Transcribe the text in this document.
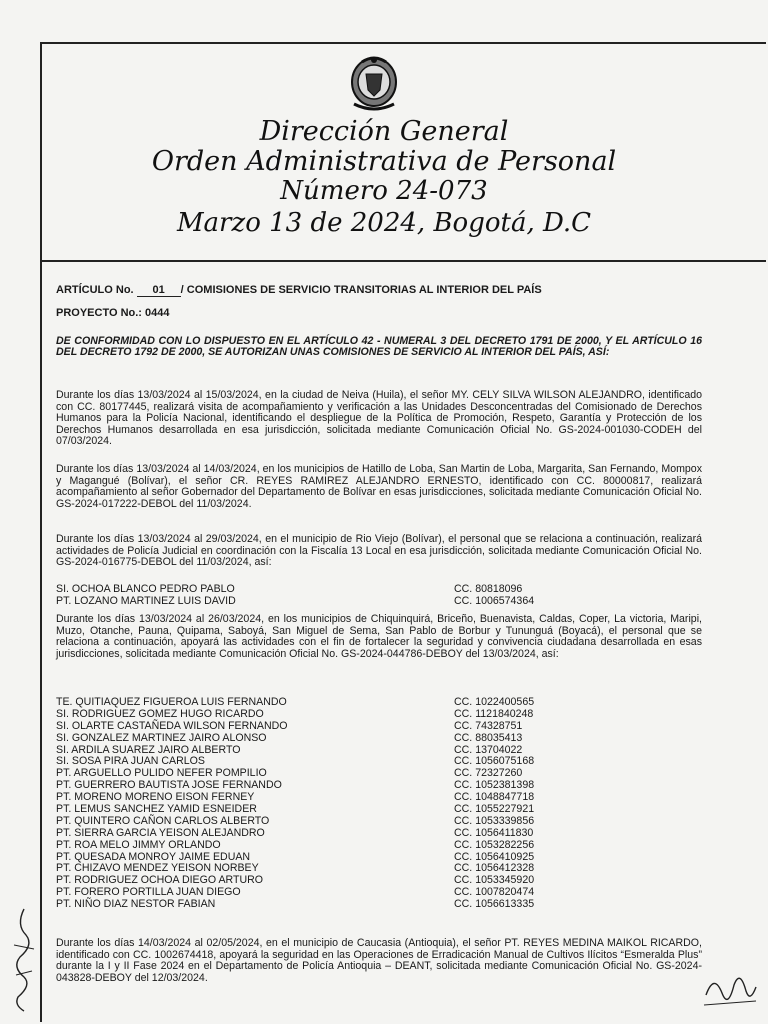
Dirección General
Orden Administrativa de Personal
Número 24-073
Marzo 13 de 2024, Bogotá, D.C
ARTÍCULO No. 01 / COMISIONES DE SERVICIO TRANSITORIAS AL INTERIOR DEL PAÍS
PROYECTO No.: 0444
DE CONFORMIDAD CON LO DISPUESTO EN EL ARTÍCULO 42 - NUMERAL 3 DEL DECRETO 1791 DE 2000, Y EL ARTÍCULO 16 DEL DECRETO 1792 DE 2000, SE AUTORIZAN UNAS COMISIONES DE SERVICIO AL INTERIOR DEL PAÍS, ASÍ:
Durante los días 13/03/2024 al 15/03/2024, en la ciudad de Neiva (Huila), el señor MY. CELY SILVA WILSON ALEJANDRO, identificado con CC. 80177445, realizará visita de acompañamiento y verificación a las Unidades Desconcentradas del Comisionado de Derechos Humanos para la Policía Nacional, identificando el despliegue de la Política de Promoción, Respeto, Garantía y Protección de los Derechos Humanos desarrollada en esa jurisdicción, solicitada mediante Comunicación Oficial No. GS-2024-001030-CODEH del 07/03/2024.
Durante los días 13/03/2024 al 14/03/2024, en los municipios de Hatillo de Loba, San Martin de Loba, Margarita, San Fernando, Mompox y Magangué (Bolívar), el señor CR. REYES RAMIREZ ALEJANDRO ERNESTO, identificado con CC. 80000817, realizará acompañamiento al señor Gobernador del Departamento de Bolívar en esas jurisdicciones, solicitada mediante Comunicación Oficial No. GS-2024-017222-DEBOL del 11/03/2024.
Durante los días 13/03/2024 al 29/03/2024, en el municipio de Rio Viejo (Bolívar), el personal que se relaciona a continuación, realizará actividades de Policía Judicial en coordinación con la Fiscalía 13 Local en esa jurisdicción, solicitada mediante Comunicación Oficial No. GS-2024-016775-DEBOL del 11/03/2024, así:
SI. OCHOA BLANCO PEDRO PABLO	CC. 80818096
PT. LOZANO MARTINEZ LUIS DAVID	CC. 1006574364
Durante los días 13/03/2024 al 26/03/2024, en los municipios de Chiquinquirá, Briceño, Buenavista, Caldas, Coper, La victoria, Maripi, Muzo, Otanche, Pauna, Quipama, Saboyá, San Miguel de Sema, San Pablo de Borbur y Tununguá (Boyacá), el personal que se relaciona a continuación, apoyará las actividades con el fin de fortalecer la seguridad y convivencia ciudadana desarrollada en esas jurisdicciones, solicitada mediante Comunicación Oficial No. GS-2024-044786-DEBOY del 13/03/2024, así:
TE. QUITIAQUEZ FIGUEROA LUIS FERNANDO	CC. 1022400565
SI. RODRIGUEZ GOMEZ HUGO RICARDO	CC. 1121840248
SI. OLARTE CASTAÑEDA WILSON FERNANDO	CC. 74328751
SI. GONZALEZ MARTINEZ JAIRO ALONSO	CC. 88035413
SI. ARDILA SUAREZ JAIRO ALBERTO	CC. 13704022
SI. SOSA PIRA JUAN CARLOS	CC. 1056075168
PT. ARGUELLO PULIDO NEFER POMPILIO	CC. 72327260
PT. GUERRERO BAUTISTA JOSE FERNANDO	CC. 1052381398
PT. MORENO MORENO EISON FERNEY	CC. 1048847718
PT. LEMUS SANCHEZ YAMID ESNEIDER	CC. 1055227921
PT. QUINTERO CAÑON CARLOS ALBERTO	CC. 1053339856
PT. SIERRA GARCIA YEISON ALEJANDRO	CC. 1056411830
PT. ROA MELO JIMMY ORLANDO	CC. 1053282256
PT. QUESADA MONROY JAIME EDUAN	CC. 1056410925
PT. CHIZAVO MENDEZ YEISON NORBEY	CC. 1056412328
PT. RODRIGUEZ OCHOA DIEGO ARTURO	CC. 1053345920
PT. FORERO PORTILLA JUAN DIEGO	CC. 1007820474
PT. NIÑO DIAZ NESTOR FABIAN	CC. 1056613335
Durante los días 14/03/2024 al 02/05/2024, en el municipio de Caucasia (Antioquia), el señor PT. REYES MEDINA MAIKOL RICARDO, identificado con CC. 1002674418, apoyará la seguridad en las Operaciones de Erradicación Manual de Cultivos Ilícitos “Esmeralda Plus” durante la I y II Fase 2024 en el Departamento de Policía Antioquia – DEANT, solicitada mediante Comunicación Oficial No. GS-2024-043828-DEBOY del 12/03/2024.
